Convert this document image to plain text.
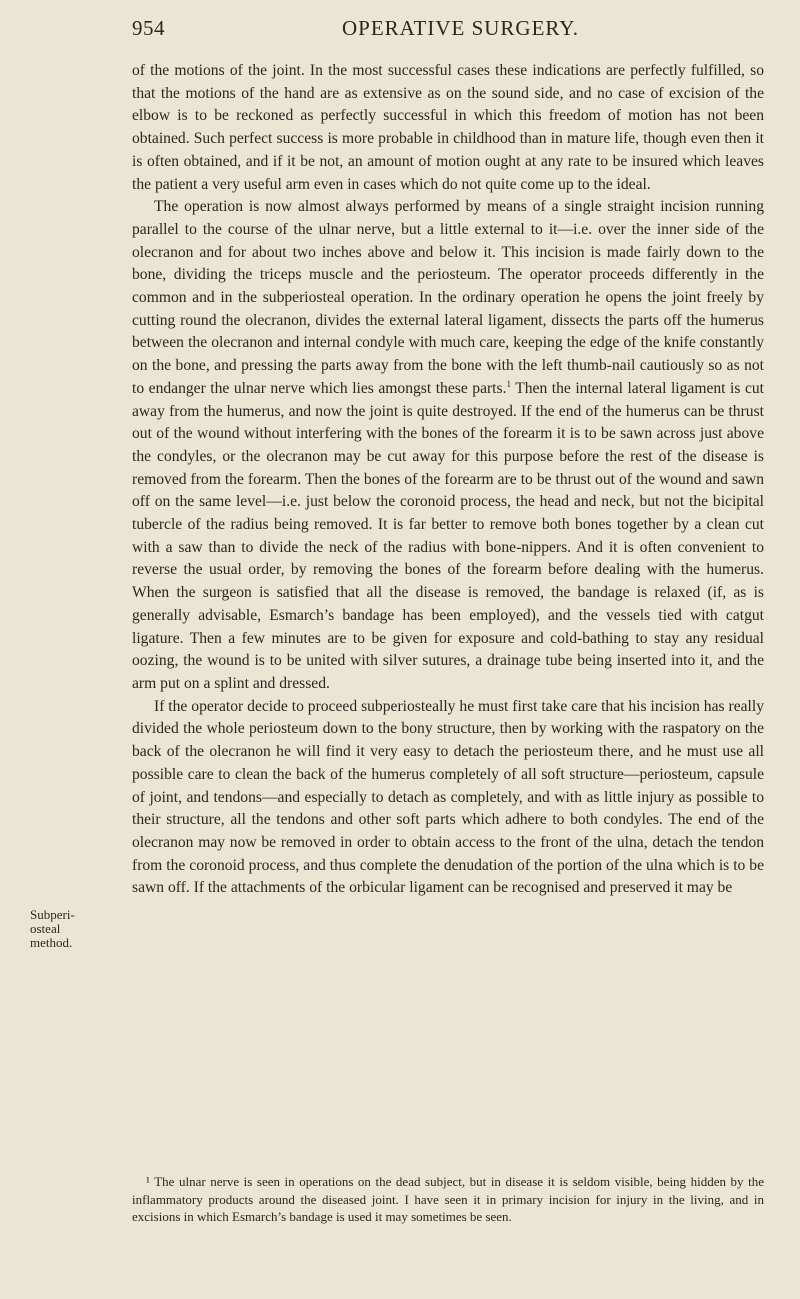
954	OPERATIVE SURGERY.

of the motions of the joint. In the most successful cases these indications are perfectly fulfilled, so that the motions of the hand are as extensive as on the sound side, and no case of excision of the elbow is to be reckoned as perfectly successful in which this freedom of motion has not been obtained. Such perfect success is more probable in childhood than in mature life, though even then it is often obtained, and if it be not, an amount of motion ought at any rate to be insured which leaves the patient a very useful arm even in cases which do not quite come up to the ideal.

The operation is now almost always performed by means of a single straight incision running parallel to the course of the ulnar nerve, but a little external to it—i.e. over the inner side of the olecranon and for about two inches above and below it. This incision is made fairly down to the bone, dividing the triceps muscle and the periosteum. The operator proceeds differently in the common and in the subperiosteal operation. In the ordinary operation he opens the joint freely by cutting round the olecranon, divides the external lateral ligament, dissects the parts off the humerus between the olecranon and internal condyle with much care, keeping the edge of the knife constantly on the bone, and pressing the parts away from the bone with the left thumb-nail cautiously so as not to endanger the ulnar nerve which lies amongst these parts.$^1$ Then the internal lateral ligament is cut away from the humerus, and now the joint is quite destroyed. If the end of the humerus can be thrust out of the wound without interfering with the bones of the forearm it is to be sawn across just above the condyles, or the olecranon may be cut away for this purpose before the rest of the disease is removed from the forearm. Then the bones of the forearm are to be thrust out of the wound and sawn off on the same level—i.e. just below the coronoid process, the head and neck, but not the bicipital tubercle of the radius being removed. It is far better to remove both bones together by a clean cut with a saw than to divide the neck of the radius with bone-nippers. And it is often convenient to reverse the usual order, by removing the bones of the forearm before dealing with the humerus. When the surgeon is satisfied that all the disease is removed, the bandage is relaxed (if, as is generally advisable, Esmarch’s bandage has been employed), and the vessels tied with catgut ligature. Then a few minutes are to be given for exposure and cold-bathing to stay any residual oozing, the wound is to be united with silver sutures, a drainage tube being inserted into it, and the arm put on a splint and dressed.

If the operator decide to proceed subperiosteally he must first take care that his incision has really divided the whole periosteum down to the bony structure, then by working with the raspatory on the back of the olecranon he will find it very easy to detach the periosteum there, and he must use all possible care to clean the back of the humerus completely of all soft structure—periosteum, capsule of joint, and tendons—and especially to detach as completely, and with as little injury as possible to their structure, all the tendons and other soft parts which adhere to both condyles. The end of the olecranon may now be removed in order to obtain access to the front of the ulna, detach the tendon from the coronoid process, and thus complete the denudation of the portion of the ulna which is to be sawn off. If the attachments of the orbicular ligament can be recognised and preserved it may be

Subperi-
osteal
method.

¹ The ulnar nerve is seen in operations on the dead subject, but in disease it is seldom visible, being hidden by the inflammatory products around the diseased joint. I have seen it in primary incision for injury in the living, and in excisions in which Esmarch’s bandage is used it may sometimes be seen.
